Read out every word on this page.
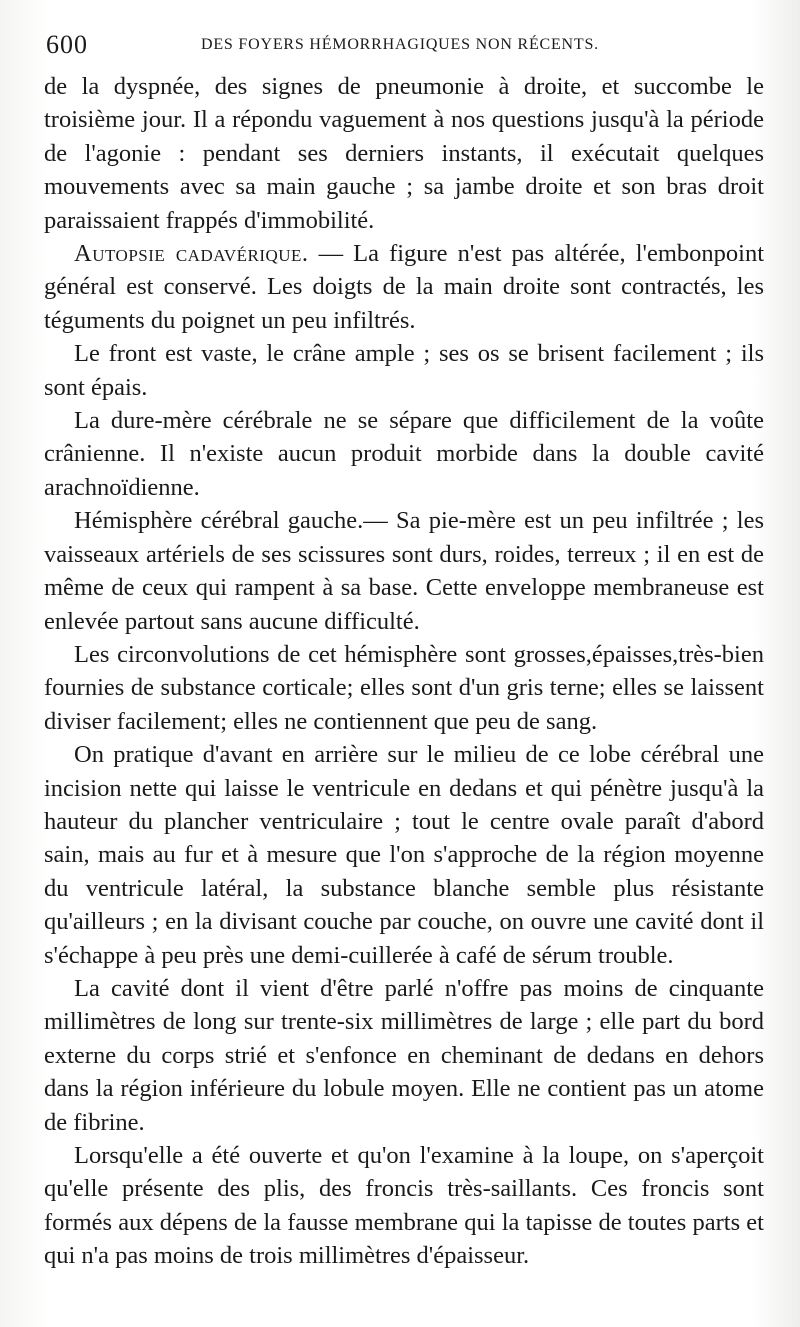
600	DES FOYERS HÉMORRHAGIQUES NON RÉCENTS.

de la dyspnée, des signes de pneumonie à droite, et succombe le troisième jour. Il a répondu vaguement à nos questions jusqu'à la période de l'agonie : pendant ses derniers instants, il exécutait quelques mouvements avec sa main gauche ; sa jambe droite et son bras droit paraissaient frappés d'immobilité.

Autopsie cadavérique. — La figure n'est pas altérée, l'embonpoint général est conservé. Les doigts de la main droite sont contractés, les téguments du poignet un peu infiltrés.

Le front est vaste, le crâne ample ; ses os se brisent facilement ; ils sont épais.

La dure-mère cérébrale ne se sépare que difficilement de la voûte crânienne. Il n'existe aucun produit morbide dans la double cavité arachnoïdienne.

Hémisphère cérébral gauche.— Sa pie-mère est un peu infiltrée ; les vaisseaux artériels de ses scissures sont durs, roides, terreux ; il en est de même de ceux qui rampent à sa base. Cette enveloppe membraneuse est enlevée partout sans aucune difficulté.

Les circonvolutions de cet hémisphère sont grosses,épaisses,très-bien fournies de substance corticale; elles sont d'un gris terne; elles se laissent diviser facilement; elles ne contiennent que peu de sang.

On pratique d'avant en arrière sur le milieu de ce lobe cérébral une incision nette qui laisse le ventricule en dedans et qui pénètre jusqu'à la hauteur du plancher ventriculaire ; tout le centre ovale paraît d'abord sain, mais au fur et à mesure que l'on s'approche de la région moyenne du ventricule latéral, la substance blanche semble plus résistante qu'ailleurs ; en la divisant couche par couche, on ouvre une cavité dont il s'échappe à peu près une demi-cuillerée à café de sérum trouble.

La cavité dont il vient d'être parlé n'offre pas moins de cinquante millimètres de long sur trente-six millimètres de large ; elle part du bord externe du corps strié et s'enfonce en cheminant de dedans en dehors dans la région inférieure du lobule moyen. Elle ne contient pas un atome de fibrine.

Lorsqu'elle a été ouverte et qu'on l'examine à la loupe, on s'aperçoit qu'elle présente des plis, des froncis très-saillants. Ces froncis sont formés aux dépens de la fausse membrane qui la tapisse de toutes parts et qui n'a pas moins de trois millimètres d'épaisseur.
